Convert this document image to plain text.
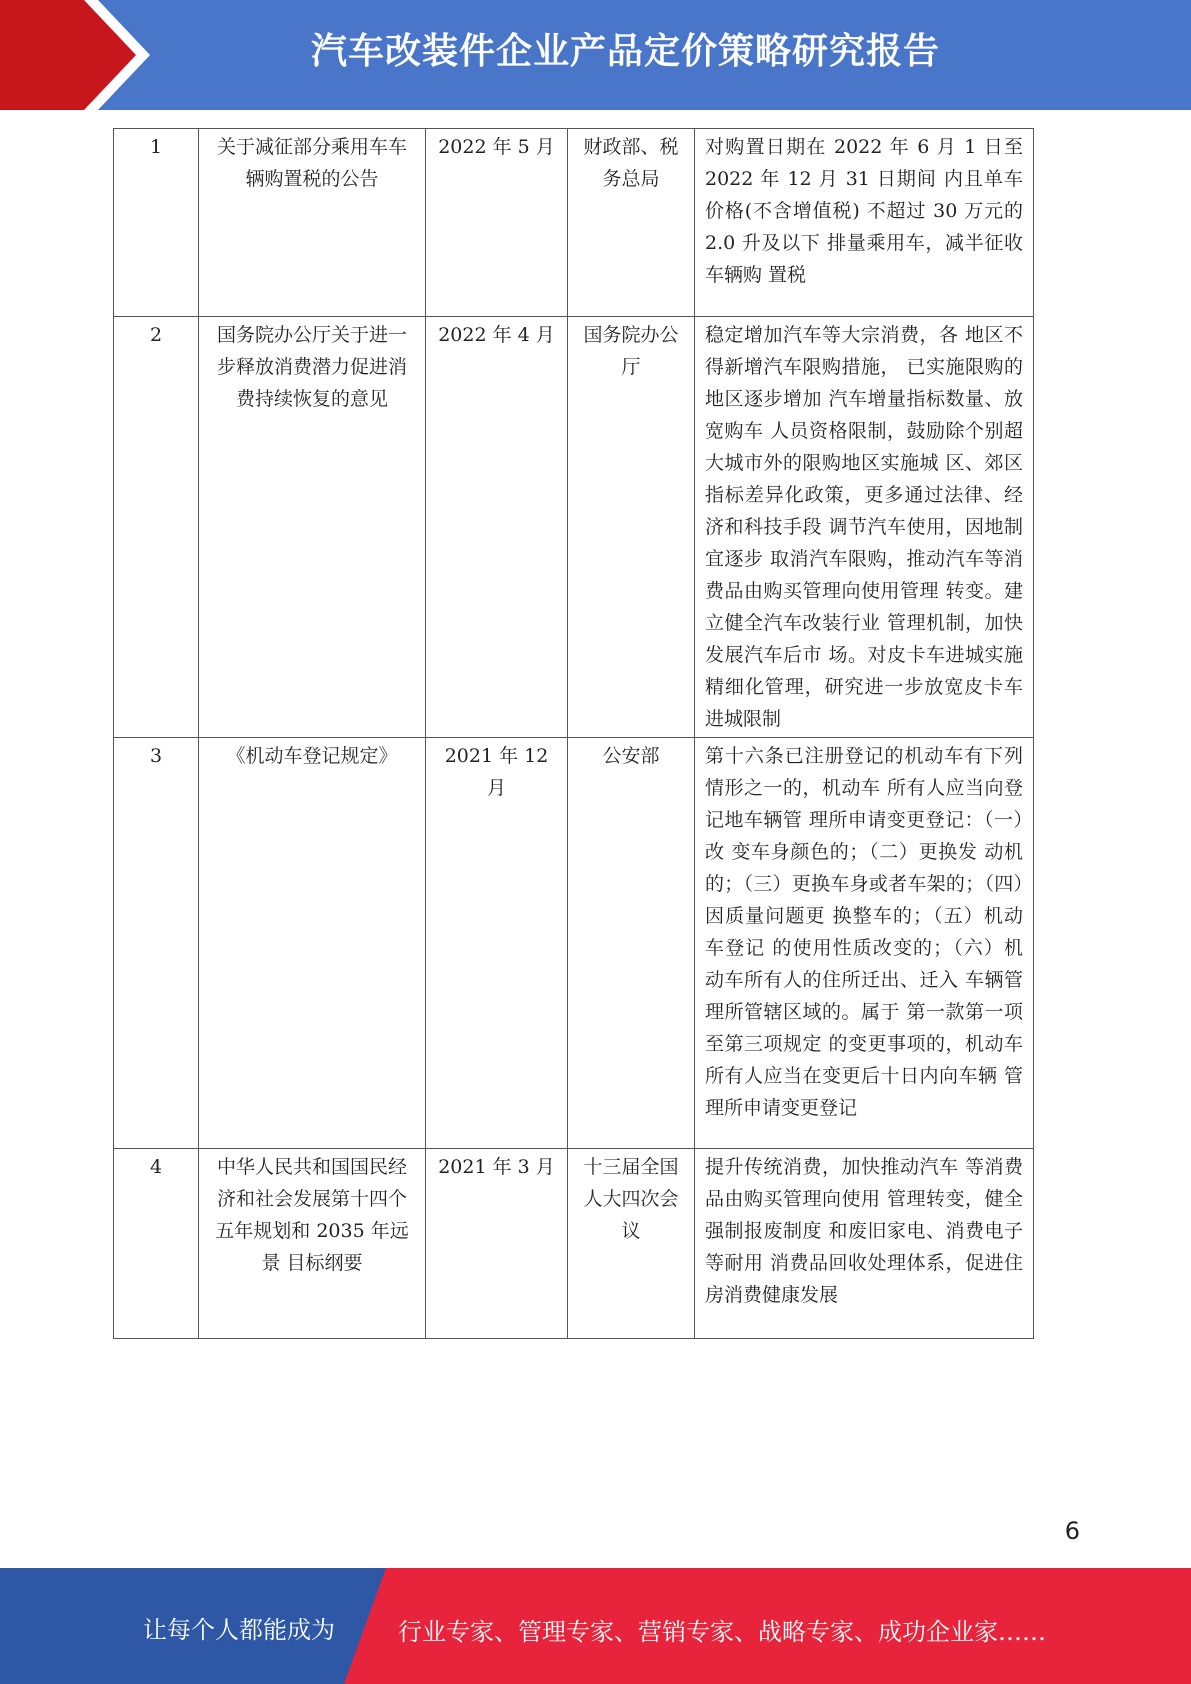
汽车改装件企业产品定价策略研究报告
1	关于减征部分乘用车车辆购置税的公告	2022 年 5 月	财政部、税务总局	对购置日期在 2022 年 6 月 1 日至 2022 年 12 月 31 日期间 内且单车价格(不含增值税) 不超过 30 万元的 2.0 升及以下 排量乘用车，减半征收车辆购 置税

2	国务院办公厅关于进一步释放消费潜力促进消费持续恢复的意见	2022 年 4 月	国务院办公厅	稳定增加汽车等大宗消费，各 地区不得新增汽车限购措施， 已实施限购的地区逐步增加 汽车增量指标数量、放宽购车 人员资格限制，鼓励除个别超 大城市外的限购地区实施城 区、郊区指标差异化政策，更多通过法律、经济和科技手段 调节汽车使用，因地制宜逐步 取消汽车限购，推动汽车等消 费品由购买管理向使用管理 转变。建立健全汽车改装行业 管理机制，加快发展汽车后市 场。对皮卡车进城实施精细化管理，研究进一步放宽皮卡车 进城限制

3	《机动车登记规定》	2021 年 12 月	公安部	第十六条已注册登记的机动车有下列情形之一的，机动车 所有人应当向登记地车辆管 理所申请变更登记：（一）改 变车身颜色的；（二）更换发 动机的；（三）更换车身或者车架的；（四）因质量问题更 换整车的；（五）机动车登记 的使用性质改变的；（六）机 动车所有人的住所迁出、迁入 车辆管理所管辖区域的。属于 第一款第一项至第三项规定 的变更事项的，机动车所有人应当在变更后十日内向车辆 管理所申请变更登记

4	中华人民共和国国民经济和社会发展第十四个五年规划和 2035 年远景 目标纲要	2021 年 3 月	十三届全国人大四次会议	提升传统消费，加快推动汽车 等消费品由购买管理向使用 管理转变，健全强制报废制度 和废旧家电、消费电子等耐用 消费品回收处理体系，促进住 房消费健康发展
6
让每个人都能成为	行业专家、管理专家、营销专家、战略专家、成功企业家……
